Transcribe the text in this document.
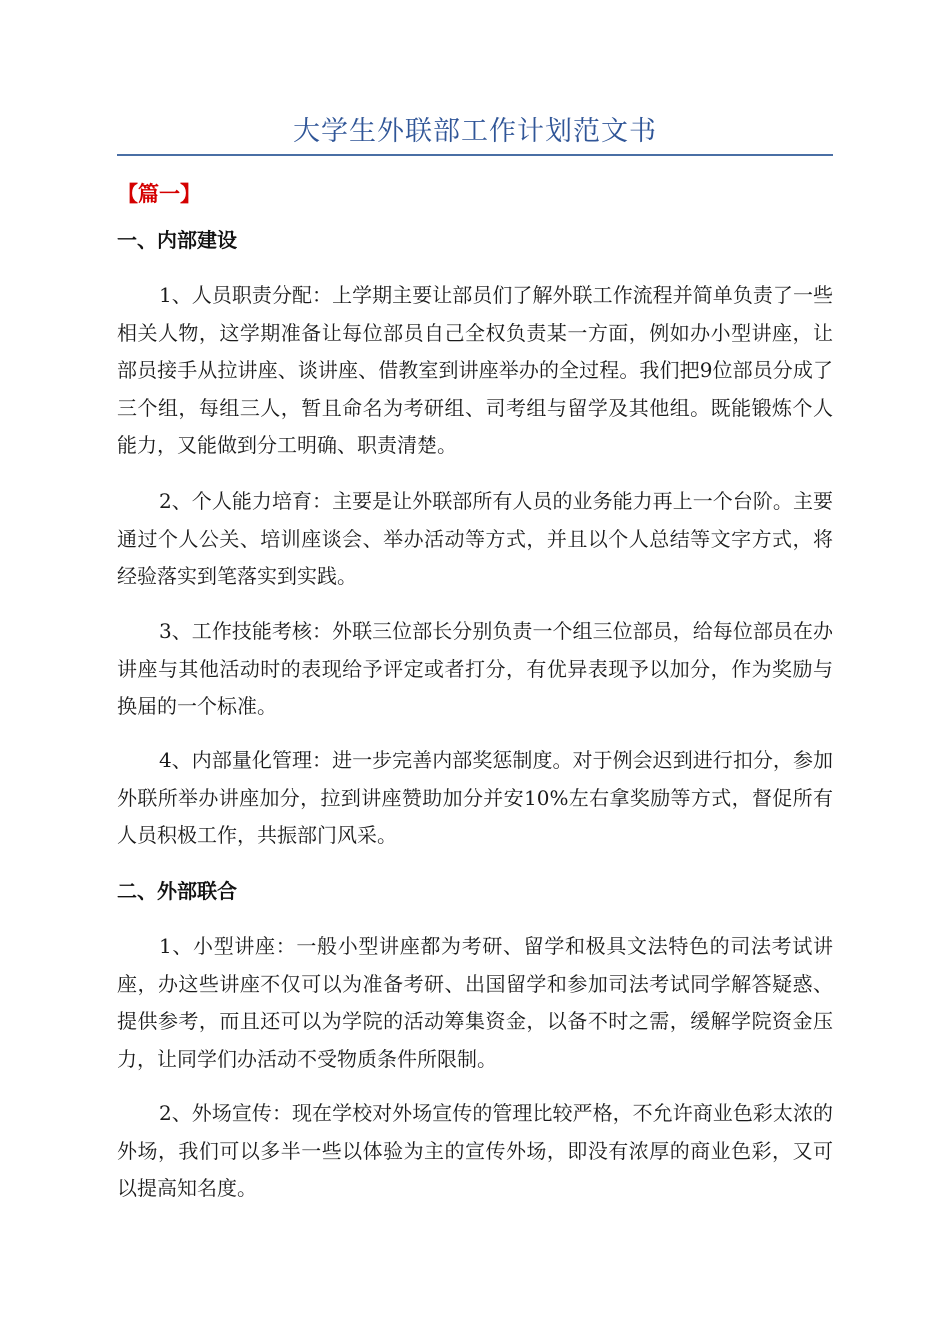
大学生外联部工作计划范文书
【篇一】
一、内部建设

1、人员职责分配：上学期主要让部员们了解外联工作流程并简单负责了一些相关人物，这学期准备让每位部员自己全权负责某一方面，例如办小型讲座，让部员接手从拉讲座、谈讲座、借教室到讲座举办的全过程。我们把9位部员分成了三个组，每组三人，暂且命名为考研组、司考组与留学及其他组。既能锻炼个人能力，又能做到分工明确、职责清楚。

2、个人能力培育：主要是让外联部所有人员的业务能力再上一个台阶。主要通过个人公关、培训座谈会、举办活动等方式，并且以个人总结等文字方式，将经验落实到笔落实到实践。

3、工作技能考核：外联三位部长分别负责一个组三位部员，给每位部员在办讲座与其他活动时的表现给予评定或者打分，有优异表现予以加分，作为奖励与换届的一个标准。

4、内部量化管理：进一步完善内部奖惩制度。对于例会迟到进行扣分，参加外联所举办讲座加分，拉到讲座赞助加分并安10%左右拿奖励等方式，督促所有人员积极工作，共振部门风采。

二、外部联合

1、小型讲座：一般小型讲座都为考研、留学和极具文法特色的司法考试讲座，办这些讲座不仅可以为准备考研、出国留学和参加司法考试同学解答疑惑、提供参考，而且还可以为学院的活动筹集资金，以备不时之需，缓解学院资金压力，让同学们办活动不受物质条件所限制。

2、外场宣传：现在学校对外场宣传的管理比较严格，不允许商业色彩太浓的外场，我们可以多半一些以体验为主的宣传外场，即没有浓厚的商业色彩，又可以提高知名度。
